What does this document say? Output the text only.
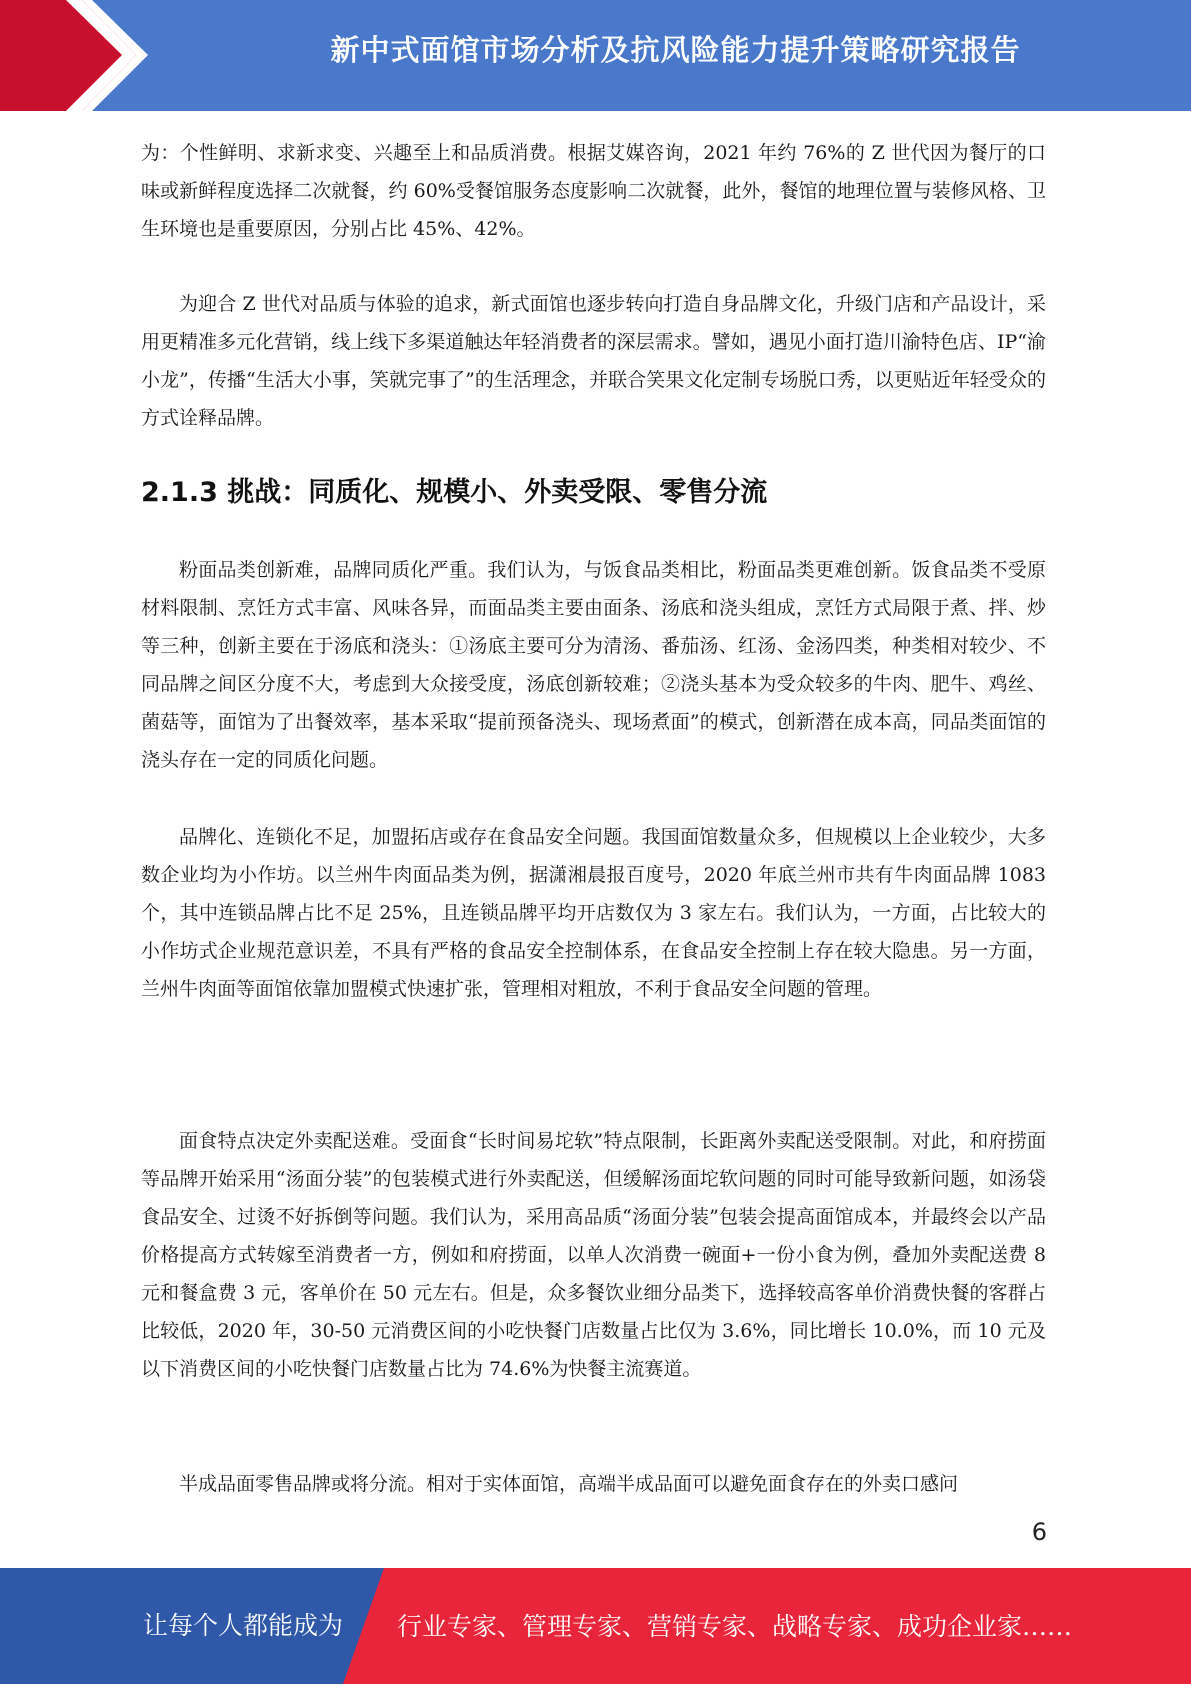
新中式面馆市场分析及抗风险能力提升策略研究报告

为：个性鲜明、求新求变、兴趣至上和品质消费。根据艾媒咨询，2021 年约 76%的 Z 世代因为餐厅的口味或新鲜程度选择二次就餐，约 60%受餐馆服务态度影响二次就餐，此外，餐馆的地理位置与装修风格、卫生环境也是重要原因，分别占比 45%、42%。

为迎合 Z 世代对品质与体验的追求，新式面馆也逐步转向打造自身品牌文化，升级门店和产品设计，采用更精准多元化营销，线上线下多渠道触达年轻消费者的深层需求。譬如，遇见小面打造川渝特色店、IP“渝小龙”，传播“生活大小事，笑就完事了”的生活理念，并联合笑果文化定制专场脱口秀，以更贴近年轻受众的方式诠释品牌。

2.1.3 挑战：同质化、规模小、外卖受限、零售分流

粉面品类创新难，品牌同质化严重。我们认为，与饭食品类相比，粉面品类更难创新。饭食品类不受原材料限制、烹饪方式丰富、风味各异，而面品类主要由面条、汤底和浇头组成，烹饪方式局限于煮、拌、炒等三种，创新主要在于汤底和浇头：①汤底主要可分为清汤、番茄汤、红汤、金汤四类，种类相对较少、不同品牌之间区分度不大，考虑到大众接受度，汤底创新较难；②浇头基本为受众较多的牛肉、肥牛、鸡丝、菌菇等，面馆为了出餐效率，基本采取“提前预备浇头、现场煮面”的模式，创新潜在成本高，同品类面馆的浇头存在一定的同质化问题。

品牌化、连锁化不足，加盟拓店或存在食品安全问题。我国面馆数量众多，但规模以上企业较少，大多数企业均为小作坊。以兰州牛肉面品类为例，据潇湘晨报百度号，2020 年底兰州市共有牛肉面品牌 1083 个，其中连锁品牌占比不足 25%，且连锁品牌平均开店数仅为 3 家左右。我们认为，一方面，占比较大的小作坊式企业规范意识差，不具有严格的食品安全控制体系，在食品安全控制上存在较大隐患。另一方面，兰州牛肉面等面馆依靠加盟模式快速扩张，管理相对粗放，不利于食品安全问题的管理。

面食特点决定外卖配送难。受面食“长时间易坨软”特点限制，长距离外卖配送受限制。对此，和府捞面等品牌开始采用“汤面分装”的包装模式进行外卖配送，但缓解汤面坨软问题的同时可能导致新问题，如汤袋食品安全、过烫不好拆倒等问题。我们认为，采用高品质“汤面分装”包装会提高面馆成本，并最终会以产品价格提高方式转嫁至消费者一方，例如和府捞面，以单人次消费一碗面+一份小食为例，叠加外卖配送费 8 元和餐盒费 3 元，客单价在 50 元左右。但是，众多餐饮业细分品类下，选择较高客单价消费快餐的客群占比较低，2020 年，30-50 元消费区间的小吃快餐门店数量占比仅为 3.6%，同比增长 10.0%，而 10 元及以下消费区间的小吃快餐门店数量占比为 74.6%为快餐主流赛道。

半成品面零售品牌或将分流。相对于实体面馆，高端半成品面可以避免面食存在的外卖口感问

6
让每个人都能成为 行业专家、管理专家、营销专家、战略专家、成功企业家……
